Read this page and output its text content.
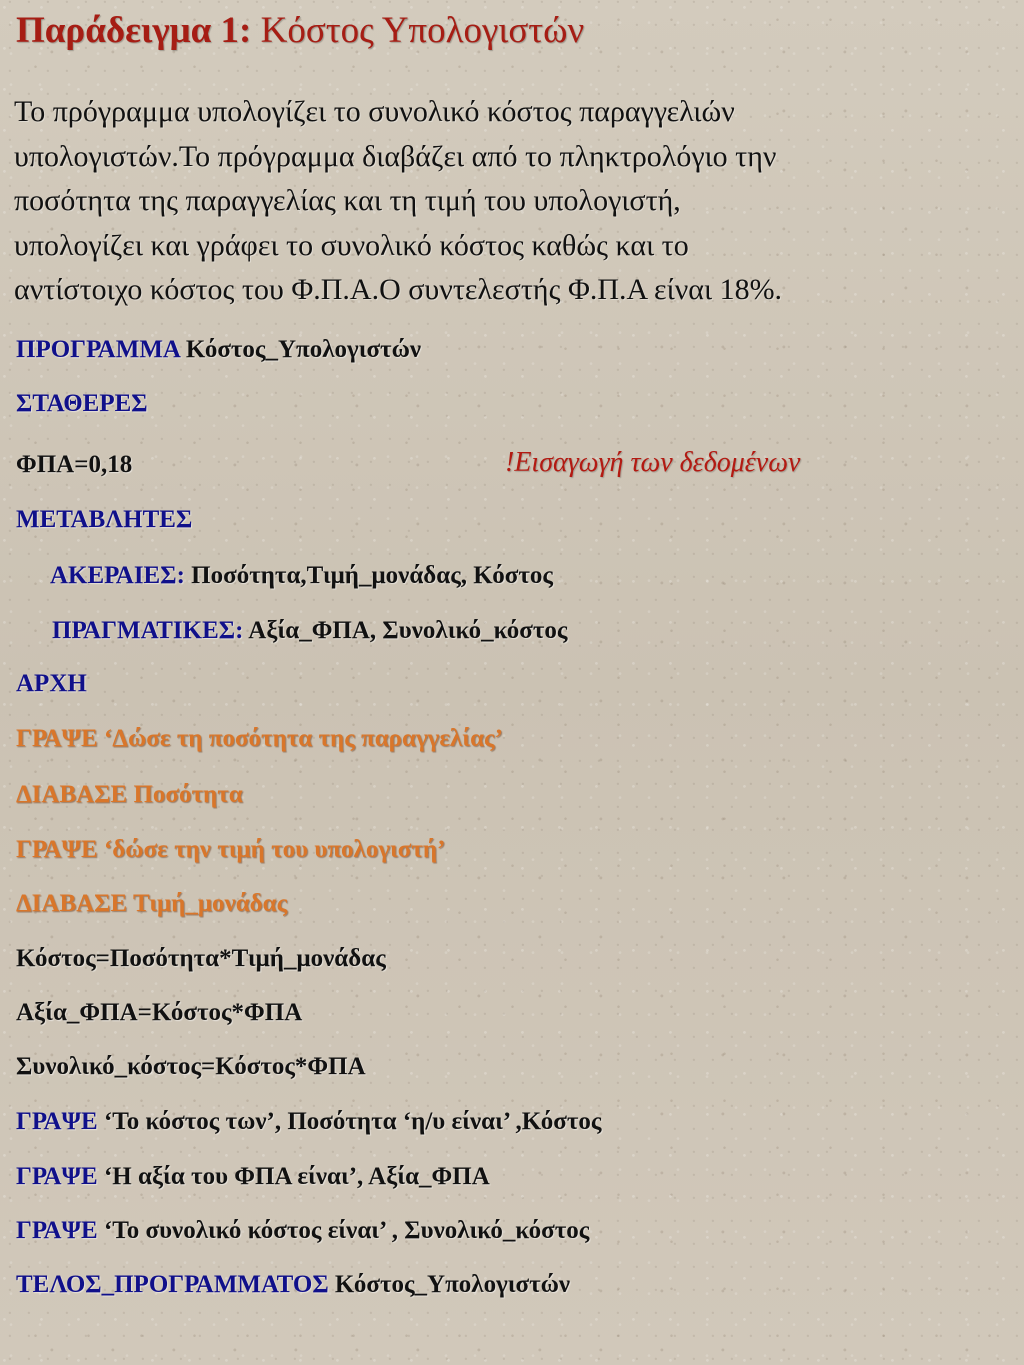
Παράδειγμα 1: Κόστος Υπολογιστών
Το πρόγραμμα υπολογίζει το συνολικό κόστος παραγγελιών
υπολογιστών.Το πρόγραμμα διαβάζει από το πληκτρολόγιο την
ποσότητα της παραγγελίας και τη τιμή του υπολογιστή,
υπολογίζει και γράφει το συνολικό κόστος καθώς και το
αντίστοιχο κόστος του Φ.Π.Α.Ο συντελεστής Φ.Π.Α είναι 18%.
ΠΡΟΓΡΑΜΜΑ Κόστος_Υπολογιστών
ΣΤΑΘΕΡΕΣ
ΦΠΑ=0,18	!Εισαγωγή των δεδομένων
ΜΕΤΑΒΛΗΤΕΣ
ΑΚΕΡΑΙΕΣ: Ποσότητα,Τιμή_μονάδας, Κόστος
ΠΡΑΓΜΑΤΙΚΕΣ: Αξία_ΦΠΑ, Συνολικό_κόστος
ΑΡΧΗ
ΓΡΑΨΕ ‘Δώσε τη ποσότητα της παραγγελίας’
ΔΙΑΒΑΣΕ Ποσότητα
ΓΡΑΨΕ ‘δώσε την τιμή του υπολογιστή’
ΔΙΑΒΑΣΕ Τιμή_μονάδας
Κόστος=Ποσότητα*Τιμή_μονάδας
Αξία_ΦΠΑ=Κόστος*ΦΠΑ
Συνολικό_κόστος=Κόστος*ΦΠΑ
ΓΡΑΨΕ ‘Το κόστος των’, Ποσότητα ‘η/υ είναι’ ,Κόστος
ΓΡΑΨΕ ‘Η αξία του ΦΠΑ είναι’, Αξία_ΦΠΑ
ΓΡΑΨΕ ‘Το συνολικό κόστος είναι’ , Συνολικό_κόστος
ΤΕΛΟΣ_ΠΡΟΓΡΑΜΜΑΤΟΣ Κόστος_Υπολογιστών
